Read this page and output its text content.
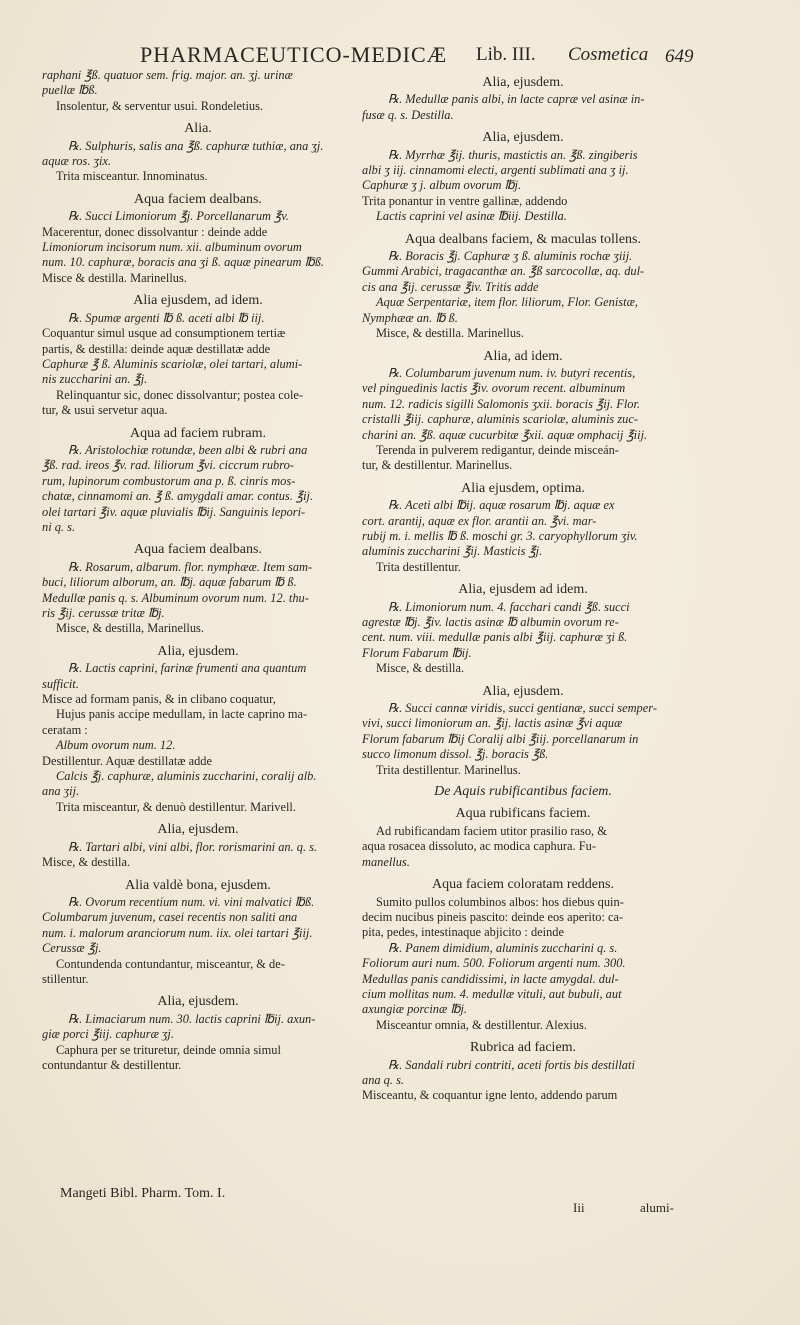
PHARMACEUTICO-MEDICÆ Lib. III. Cosmetica 649
raphani ℥ß. quatuor sem. frig. major. an. ʒj. urinæ
puellæ ℔ß.
Insolentur, & serventur usui. Rondeletius.
Alia.
℞. Sulphuris, salis ana ℥ß. caphuræ tuthiæ, ana ʒj.
aquæ ros. ʒix.
Trita misceantur. Innominatus.
Aqua faciem dealbans.
℞. Succi Limoniorum ℥j. Porcellanarum ℥v.
Macerentur, donec dissolvantur : deinde adde
Limoniorum incisorum num. xii. albuminum ovorum
num. 10. caphuræ, boracis ana ʒi ß. aquæ pinearum ℔ß.
Misce & destilla. Marinellus.
Alia ejusdem, ad idem.
℞. Spumæ argenti ℔ ß. aceti albi ℔ iij.
Coquantur simul usque ad consumptionem tertiæ
partis, & destilla: deinde aquæ destillatæ adde
Caphuræ ℥ ß. Aluminis scariolæ, olei tartari, alumi-
nis zuccharini an. ℥j.
Relinquantur sic, donec dissolvantur; postea cole-
tur, & usui servetur aqua.
Aqua ad faciem rubram.
℞. Aristolochiæ rotundæ, been albi & rubri ana
℥ß. rad. ireos ℥v. rad. liliorum ℥vi. ciccrum rubro-
rum, lupinorum combustorum ana p. ß. cinris mos-
chatæ, cinnamomi an. ℥ ß. amygdali amar. contus. ℥ij.
olei tartari ℥iv. aquæ pluvialis ℔ij. Sanguinis lepori-
ni q. s.
Aqua faciem dealbans.
℞. Rosarum, albarum. flor. nymphææ. Item sam-
buci, liliorum alborum, an. ℔j. aquæ fabarum ℔ ß.
Medullæ panis q. s. Albuminum ovorum num. 12. thu-
ris ℥ij. cerussæ tritæ ℔j.
Misce, & destilla, Marinellus.
Alia, ejusdem.
℞. Lactis caprini, farinæ frumenti ana quantum
sufficit.
Misce ad formam panis, & in clibano coquatur,
Hujus panis accipe medullam, in lacte caprino ma-
ceratam :
Album ovorum num. 12.
Destillentur. Aquæ destillatæ adde
Calcis ℥j. caphuræ, aluminis zuccharini, coralij alb.
ana ʒij.
Trita misceantur, & denuò destillentur. Marivell.
Alia, ejusdem.
℞. Tartari albi, vini albi, flor. rorismarini an. q. s.
Misce, & destilla.
Alia valdè bona, ejusdem.
℞. Ovorum recentium num. vi. vini malvatici ℔ß.
Columbarum juvenum, casei recentis non saliti ana
num. i. malorum aranciorum num. iix. olei tartari ℥iij.
Cerussæ ℥j.
Contundenda contundantur, misceantur, & de-
stillentur.
Alia, ejusdem.
℞. Limaciarum num. 30. lactis caprini ℔ij. axun-
giæ porci ℥iij. caphuræ ʒj.
Caphura per se trituretur, deinde omnia simul
contundantur & destillentur.
Alia, ejusdem.
℞. Medullæ panis albi, in lacte capræ vel asinæ in-
fusæ q. s. Destilla.
Alia, ejusdem.
℞. Myrrhæ ℥ij. thuris, mastictis an. ℥ß. zingiberis
albi ʒ iij. cinnamomi electi, argenti sublimati ana ʒ ij.
Caphuræ ʒ j. album ovorum ℔j.
Trita ponantur in ventre gallinæ, addendo
Lactis caprini vel asinæ ℔iij. Destilla.
Aqua dealbans faciem, & maculas tollens.
℞. Boracis ℥j. Caphuræ ʒ ß. aluminis rochæ ʒiij.
Gummi Arabici, tragacanthæ an. ℥ß sarcocollæ, aq. dul-
cis ana ℥ij. cerussæ ℥iv. Tritis adde
Aquæ Serpentariæ, item flor. liliorum, Flor. Genistæ,
Nymphææ an. ℔ ß.
Misce, & destilla. Marinellus.
Alia, ad idem.
℞. Columbarum juvenum num. iv. butyri recentis,
vel pinguedinis lactis ℥iv. ovorum recent. albuminum
num. 12. radicis sigilli Salomonis ʒxii. boracis ℥ij. Flor.
cristalli ℥iij. caphuræ, aluminis scariolæ, aluminis zuc-
charini an. ℥ß. aquæ cucurbitæ ℥xii. aquæ omphacij ℥iij.
Terenda in pulverem redigantur, deinde misceán-
tur, & destillentur. Marinellus.
Alia ejusdem, optima.
℞. Aceti albi ℔ij. aquæ rosarum ℔j. aquæ ex
cort. arantij, aquæ ex flor. arantii an. ℥vi. mar-
rubij m. i. mellis ℔ ß. moschi gr. 3. caryophyllorum ʒiv.
aluminis zuccharini ℥ij. Masticis ℥j.
Trita destillentur.
Alia, ejusdem ad idem.
℞. Limoniorum num. 4. facchari candi ℥ß. succi
agrestæ ℔j. ℥iv. lactis asinæ ℔ albumin ovorum re-
cent. num. viii. medullæ panis albi ℥iij. caphuræ ʒi ß.
Florum Fabarum ℔ij.
Misce, & destilla.
Alia, ejusdem.
℞. Succi cannæ viridis, succi gentianæ, succi semper-
vivi, succi limoniorum an. ℥ij. lactis asinæ ℥vi aquæ
Florum fabarum ℔ij Coralij albi ℥iij. porcellanarum in
succo limonum dissol. ℥j. boracis ℥ß.
Trita destillentur. Marinellus.
De Aquis rubificantibus faciem.
Aqua rubificans faciem.
Ad rubificandam faciem utitor prasilio raso, &
aqua rosacea dissoluto, ac modica caphura. Fu-
manellus.
Aqua faciem coloratam reddens.
Sumito pullos columbinos albos: hos diebus quin-
decim nucibus pineis pascito: deinde eos aperito: ca-
pita, pedes, intestinaque abjicito : deinde
℞. Panem dimidium, aluminis zuccharini q. s.
Foliorum auri num. 500. Foliorum argenti num. 300.
Medullas panis candidissimi, in lacte amygdal. dul-
cium mollitas num. 4. medullæ vituli, aut bubuli, aut
axungiæ porcinæ ℔j.
Misceantur omnia, & destillentur. Alexius.
Rubrica ad faciem.
℞. Sandali rubri contriti, aceti fortis bis destillati
ana q. s.
Misceantu, & coquantur igne lento, addendo parum
Mangeti Bibl. Pharm. Tom. I.
Iii	alumi-
